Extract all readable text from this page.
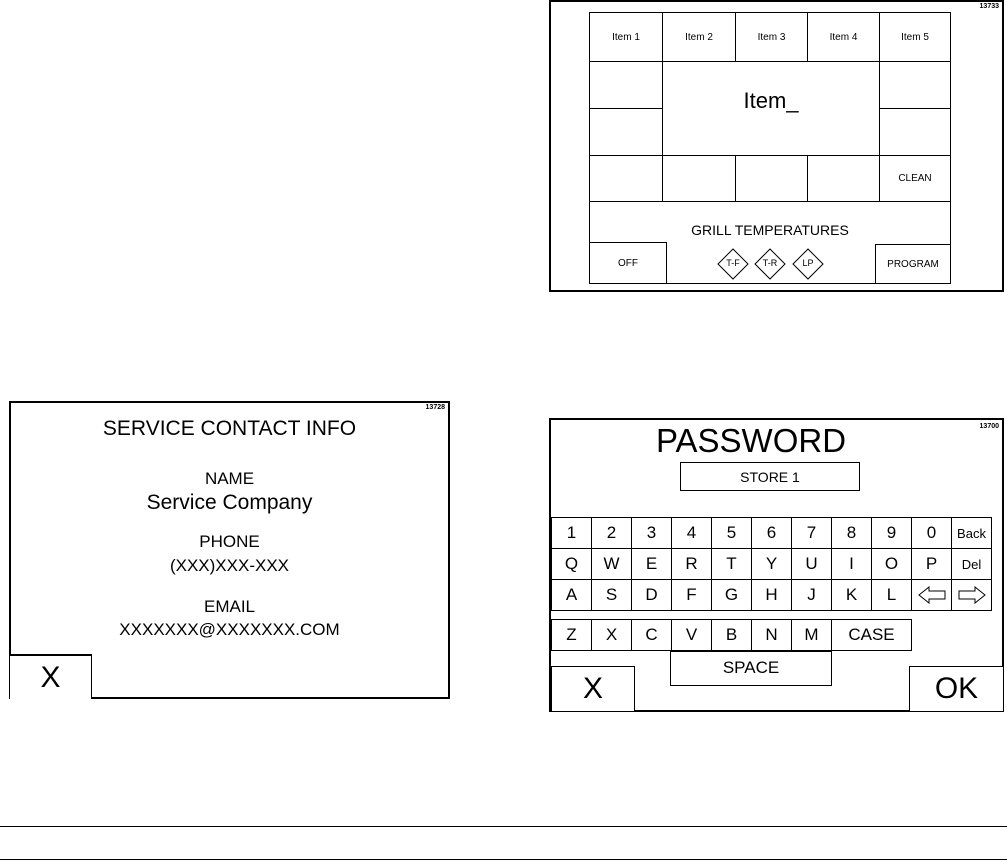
13733
Item 1	Item 2	Item 3	Item 4	Item 5
Item_
CLEAN
GRILL TEMPERATURES
OFF	PROGRAM
T-F	T-R	LP
13728
SERVICE CONTACT INFO
NAME
Service Company
PHONE
(XXX)XXX-XXX
EMAIL
XXXXXXX@XXXXXXX.COM
X
13700
PASSWORD
STORE 1
1 2 3 4 5 6 7 8 9 0 Back
Q W E R T Y U I O P Del
A S D F G H J K L
Z X C V B N M CASE
SPACE
X	OK
